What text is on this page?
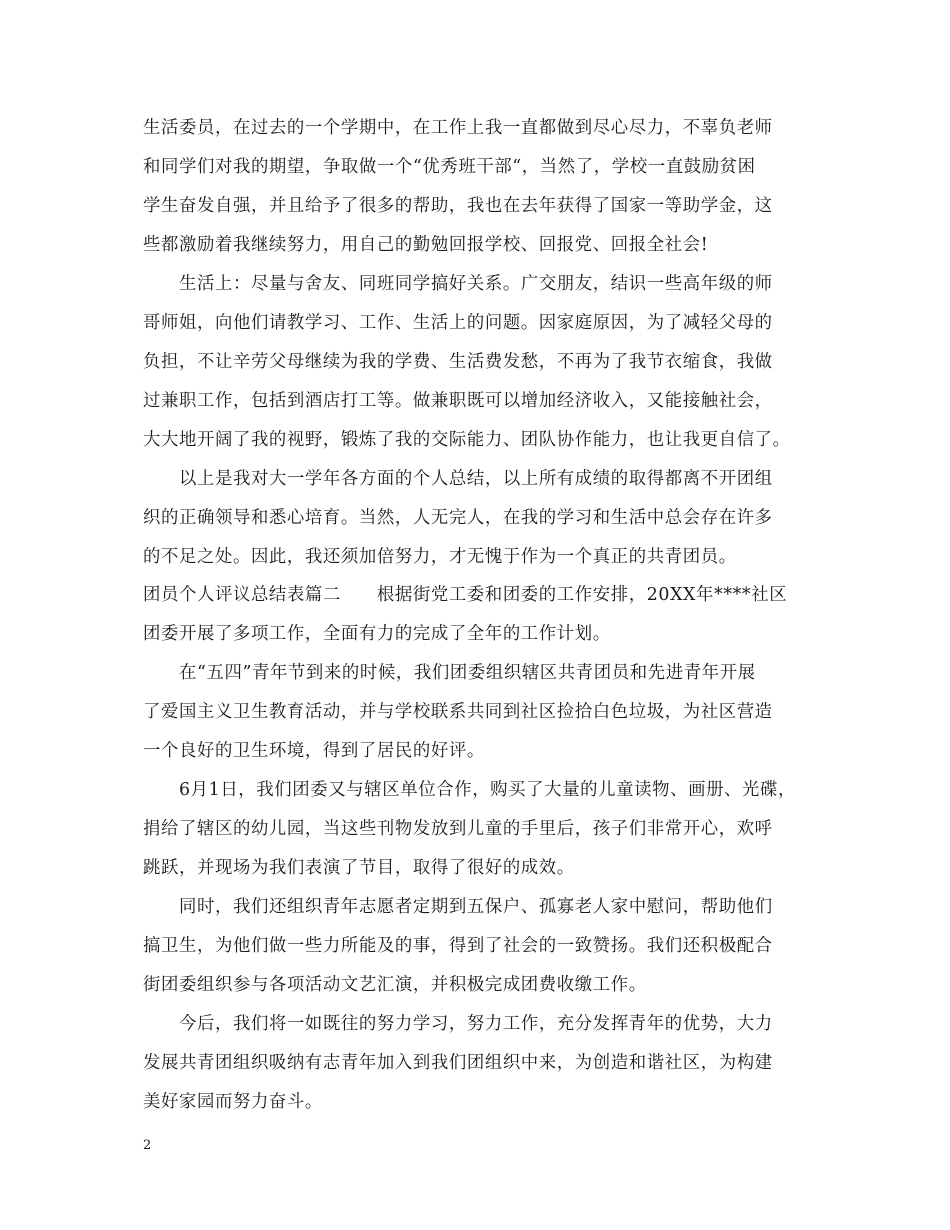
生活委员，在过去的一个学期中，在工作上我一直都做到尽心尽力，不辜负老师
和同学们对我的期望，争取做一个“优秀班干部“，当然了，学校一直鼓励贫困
学生奋发自强，并且给予了很多的帮助，我也在去年获得了国家一等助学金，这
些都激励着我继续努力，用自己的勤勉回报学校、回报党、回报全社会!
生活上：尽量与舍友、同班同学搞好关系。广交朋友，结识一些高年级的师
哥师姐，向他们请教学习、工作、生活上的问题。因家庭原因，为了减轻父母的
负担，不让辛劳父母继续为我的学费、生活费发愁，不再为了我节衣缩食，我做
过兼职工作，包括到酒店打工等。做兼职既可以增加经济收入，又能接触社会，
大大地开阔了我的视野，锻炼了我的交际能力、团队协作能力，也让我更自信了。
以上是我对大一学年各方面的个人总结，以上所有成绩的取得都离不开团组
织的正确领导和悉心培育。当然，人无完人，在我的学习和生活中总会存在许多
的不足之处。因此，我还须加倍努力，才无愧于作为一个真正的共青团员。
团员个人评议总结表篇二　　根据街党工委和团委的工作安排，20XX年****社区
团委开展了多项工作，全面有力的完成了全年的工作计划。
在“五四”青年节到来的时候，我们团委组织辖区共青团员和先进青年开展
了爱国主义卫生教育活动，并与学校联系共同到社区捡拾白色垃圾，为社区营造
一个良好的卫生环境，得到了居民的好评。
6月1日，我们团委又与辖区单位合作，购买了大量的儿童读物、画册、光碟，
捐给了辖区的幼儿园，当这些刊物发放到儿童的手里后，孩子们非常开心，欢呼
跳跃，并现场为我们表演了节目，取得了很好的成效。
同时，我们还组织青年志愿者定期到五保户、孤寡老人家中慰问，帮助他们
搞卫生，为他们做一些力所能及的事，得到了社会的一致赞扬。我们还积极配合
街团委组织参与各项活动文艺汇演，并积极完成团费收缴工作。
今后，我们将一如既往的努力学习，努力工作，充分发挥青年的优势，大力
发展共青团组织吸纳有志青年加入到我们团组织中来，为创造和谐社区，为构建
美好家园而努力奋斗。
2
